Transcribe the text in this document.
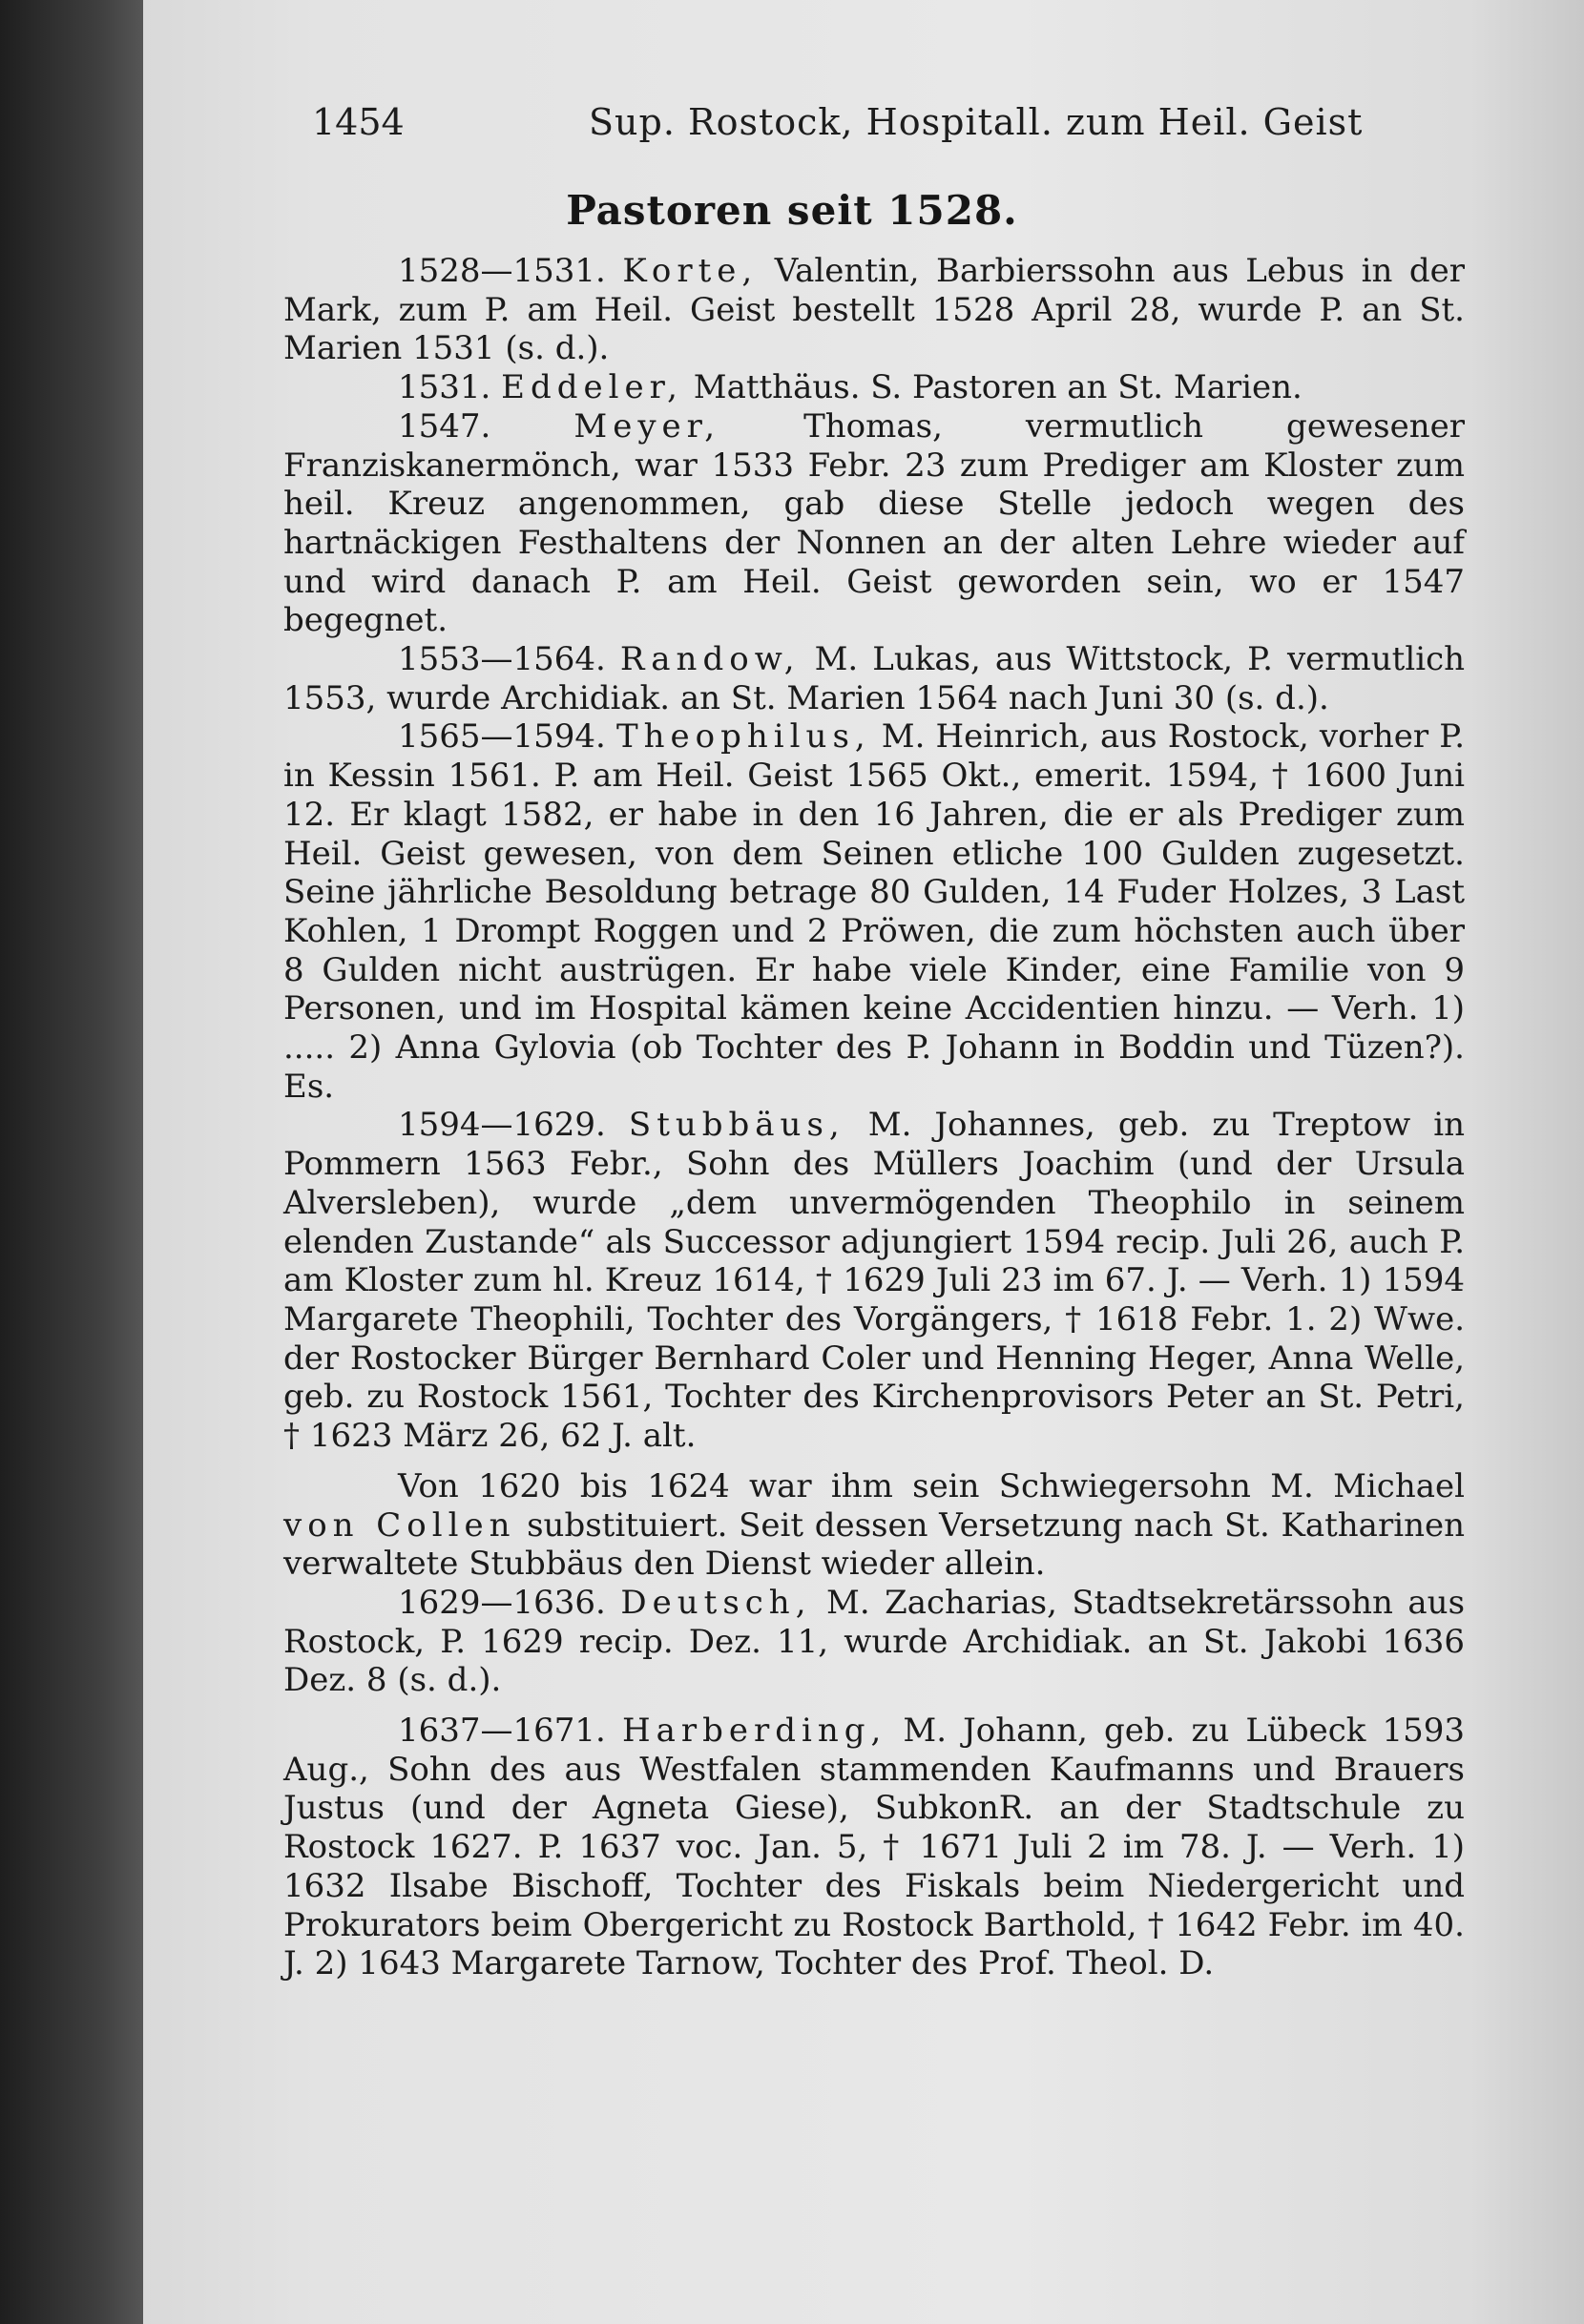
1454	Sup. Rostock, Hospitall. zum Heil. Geist
Pastoren seit 1528.

1528—1531. Korte, Valentin, Barbierssohn aus Lebus in der Mark, zum P. am Heil. Geist bestellt 1528 April 28, wurde P. an St. Marien 1531 (s. d.).

1531. Eddeler, Matthäus. S. Pastoren an St. Marien.

1547.	Meyer,	Thomas, vermutlich gewesener Franziskanermönch, war 1533 Febr. 23 zum Prediger am Kloster zum heil. Kreuz angenommen, gab diese Stelle jedoch wegen des hartnäckigen Festhaltens der Nonnen an der alten Lehre wieder auf und wird danach P. am Heil. Geist geworden sein, wo er 1547 begegnet.

1553—1564. Randow, M. Lukas, aus Wittstock, P. vermutlich 1553, wurde Archidiak. an St. Marien 1564 nach Juni 30 (s. d.).

1565—1594. Theophilus, M. Heinrich, aus Rostock, vorher P. in Kessin 1561. P. am Heil. Geist 1565 Okt., emerit. 1594, † 1600 Juni 12. Er klagt 1582, er habe in den 16 Jahren, die er als Prediger zum Heil. Geist gewesen, von dem Seinen etliche 100 Gulden zugesetzt. Seine jährliche Besoldung betrage 80 Gulden, 14 Fuder Holzes, 3 Last Kohlen, 1 Drompt Roggen und 2 Pröwen, die zum höchsten auch über 8 Gulden nicht austrügen. Er habe viele Kinder, eine Familie von 9 Personen, und im Hospital kämen keine Accidentien hinzu. — Verh. 1) ..... 2) Anna Gylovia (ob Tochter des P. Johann in Boddin und Tüzen?). Es.

1594—1629. Stubbäus, M. Johannes, geb. zu Treptow in Pommern 1563 Febr., Sohn des Müllers Joachim (und der Ursula Alversleben), wurde „dem unvermögenden Theophilo in seinem elenden Zustande“ als Successor adjungiert 1594 recip. Juli 26, auch P. am Kloster zum hl. Kreuz 1614, † 1629 Juli 23 im 67. J. — Verh. 1) 1594 Margarete Theophili, Tochter des Vorgängers, † 1618 Febr. 1. 2) Wwe. der Rostocker Bürger Bernhard Coler und Henning Heger, Anna Welle, geb. zu Rostock 1561, Tochter des Kirchenprovisors Peter an St. Petri, † 1623 März 26, 62 J. alt.

Von 1620 bis 1624 war ihm sein Schwiegersohn M. Michael von Collen substituiert. Seit dessen Versetzung nach St. Katharinen verwaltete Stubbäus den Dienst wieder allein.

1629—1636. Deutsch, M. Zacharias, Stadtsekretärssohn aus Rostock, P. 1629 recip. Dez. 11, wurde Archidiak. an St. Jakobi 1636 Dez. 8 (s. d.).

1637—1671. Harberding, M. Johann, geb. zu Lübeck 1593 Aug., Sohn des aus Westfalen stammenden Kaufmanns und Brauers Justus (und der Agneta Giese), SubkonR. an der Stadtschule zu Rostock 1627. P. 1637 voc. Jan. 5, † 1671 Juli 2 im 78. J. — Verh. 1) 1632 Ilsabe Bischoff, Tochter des Fiskals beim Niedergericht und Prokurators beim Obergericht zu Rostock Barthold, † 1642 Febr. im 40. J. 2) 1643 Margarete Tarnow, Tochter des Prof. Theol. D.
